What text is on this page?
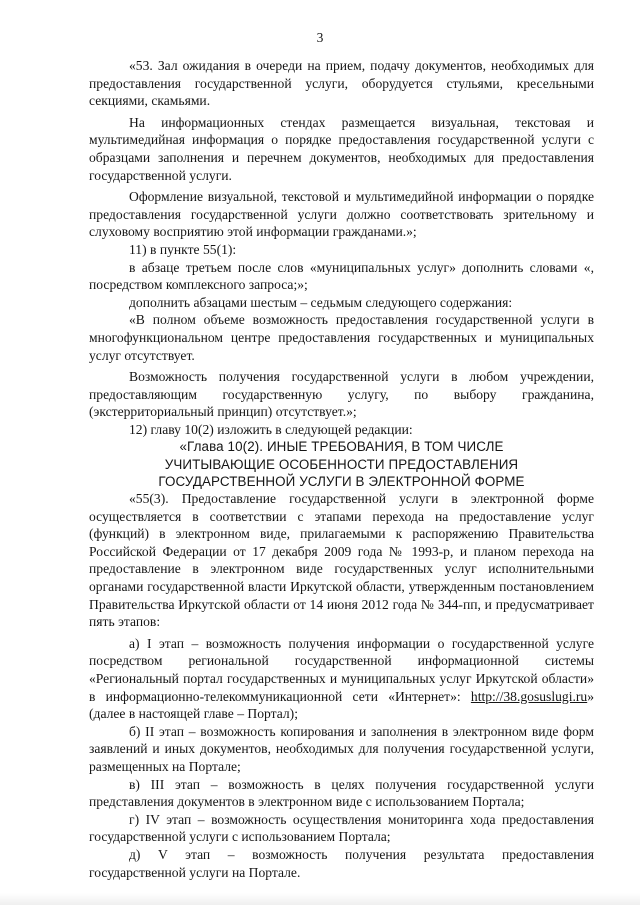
3

«53. Зал ожидания в очереди на прием, подачу документов, необходимых для предоставления государственной услуги, оборудуется стульями, кресельными секциями, скамьями.

На информационных стендах размещается визуальная, текстовая и мультимедийная информация о порядке предоставления государственной услуги с образцами заполнения и перечнем документов, необходимых для предоставления государственной услуги.

Оформление визуальной, текстовой и мультимедийной информации о порядке предоставления государственной услуги должно соответствовать зрительному и слуховому восприятию этой информации гражданами.»;

11) в пункте 55(1):

в абзаце третьем после слов «муниципальных услуг» дополнить словами «, посредством комплексного запроса;»;

дополнить абзацами шестым – седьмым следующего содержания:

«В полном объеме возможность предоставления государственной услуги в многофункциональном центре предоставления государственных и муниципальных услуг отсутствует.

Возможность получения государственной услуги в любом учреждении, предоставляющим государственную услугу, по выбору гражданина, (экстерриториальный принцип) отсутствует.»;

12) главу 10(2) изложить в следующей редакции:

«Глава 10(2). ИНЫЕ ТРЕБОВАНИЯ, В ТОМ ЧИСЛЕ
УЧИТЫВАЮЩИЕ ОСОБЕННОСТИ ПРЕДОСТАВЛЕНИЯ
ГОСУДАРСТВЕННОЙ УСЛУГИ В ЭЛЕКТРОННОЙ ФОРМЕ

«55(3). Предоставление государственной услуги в электронной форме осуществляется в соответствии с этапами перехода на предоставление услуг (функций) в электронном виде, прилагаемыми к распоряжению Правительства Российской Федерации от 17 декабря 2009 года № 1993-р, и планом перехода на предоставление в электронном виде государственных услуг исполнительными органами государственной власти Иркутской области, утвержденным постановлением Правительства Иркутской области от 14 июня 2012 года № 344-пп, и предусматривает пять этапов:

а) I этап – возможность получения информации о государственной услуге посредством региональной государственной информационной системы «Региональный портал государственных и муниципальных услуг Иркутской области» в информационно-телекоммуникационной сети «Интернет»: http://38.gosuslugi.ru» (далее в настоящей главе – Портал);

б) II этап – возможность копирования и заполнения в электронном виде форм заявлений и иных документов, необходимых для получения государственной услуги, размещенных на Портале;

в) III этап – возможность в целях получения государственной услуги представления документов в электронном виде с использованием Портала;

г) IV этап – возможность осуществления мониторинга хода предоставления государственной услуги с использованием Портала;

д) V этап – возможность получения результата предоставления государственной услуги на Портале.
